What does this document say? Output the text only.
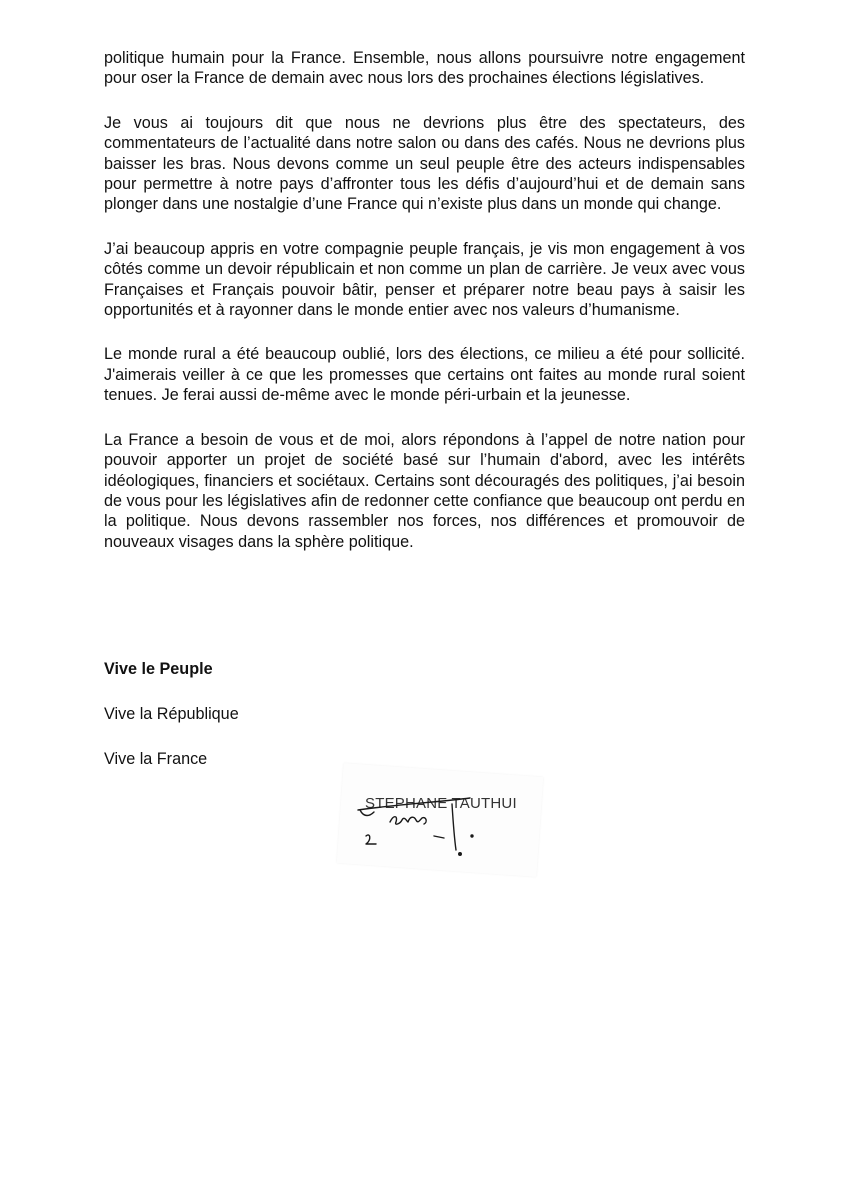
politique humain pour la France. Ensemble, nous allons poursuivre notre engagement pour oser la France de demain avec nous lors des prochaines élections législatives.

Je vous ai toujours dit que nous ne devrions plus être des spectateurs, des commentateurs de l’actualité dans notre salon ou dans des cafés. Nous ne devrions plus baisser les bras. Nous devons comme un seul peuple être des acteurs indispensables pour permettre à notre pays d’affronter tous les défis d’aujourd’hui et de demain sans plonger dans une nostalgie d’une France qui n’existe plus dans un monde qui change.

J’ai beaucoup appris en votre compagnie peuple français, je vis mon engagement à vos côtés comme un devoir républicain et non comme un plan de carrière. Je veux avec vous Françaises et Français pouvoir bâtir, penser et préparer notre beau pays à saisir les opportunités et à rayonner dans le monde entier avec nos valeurs d’humanisme.

Le monde rural a été beaucoup oublié, lors des élections, ce milieu a été pour sollicité. J'aimerais veiller à ce que les promesses que certains ont faites au monde rural soient tenues. Je ferai aussi de-même avec le monde péri-urbain et la jeunesse.

La France a besoin de vous et de moi, alors répondons à l’appel de notre nation pour pouvoir apporter un projet de société basé sur l’humain d'abord, avec les intérêts idéologiques, financiers et sociétaux. Certains sont découragés des politiques, j’ai besoin de vous pour les législatives afin de redonner cette confiance que beaucoup ont perdu en la politique. Nous devons rassembler nos forces, nos différences et promouvoir de nouveaux visages dans la sphère politique.

Vive le Peuple

Vive la République

Vive la France

STEPHANE TAUTHUI
